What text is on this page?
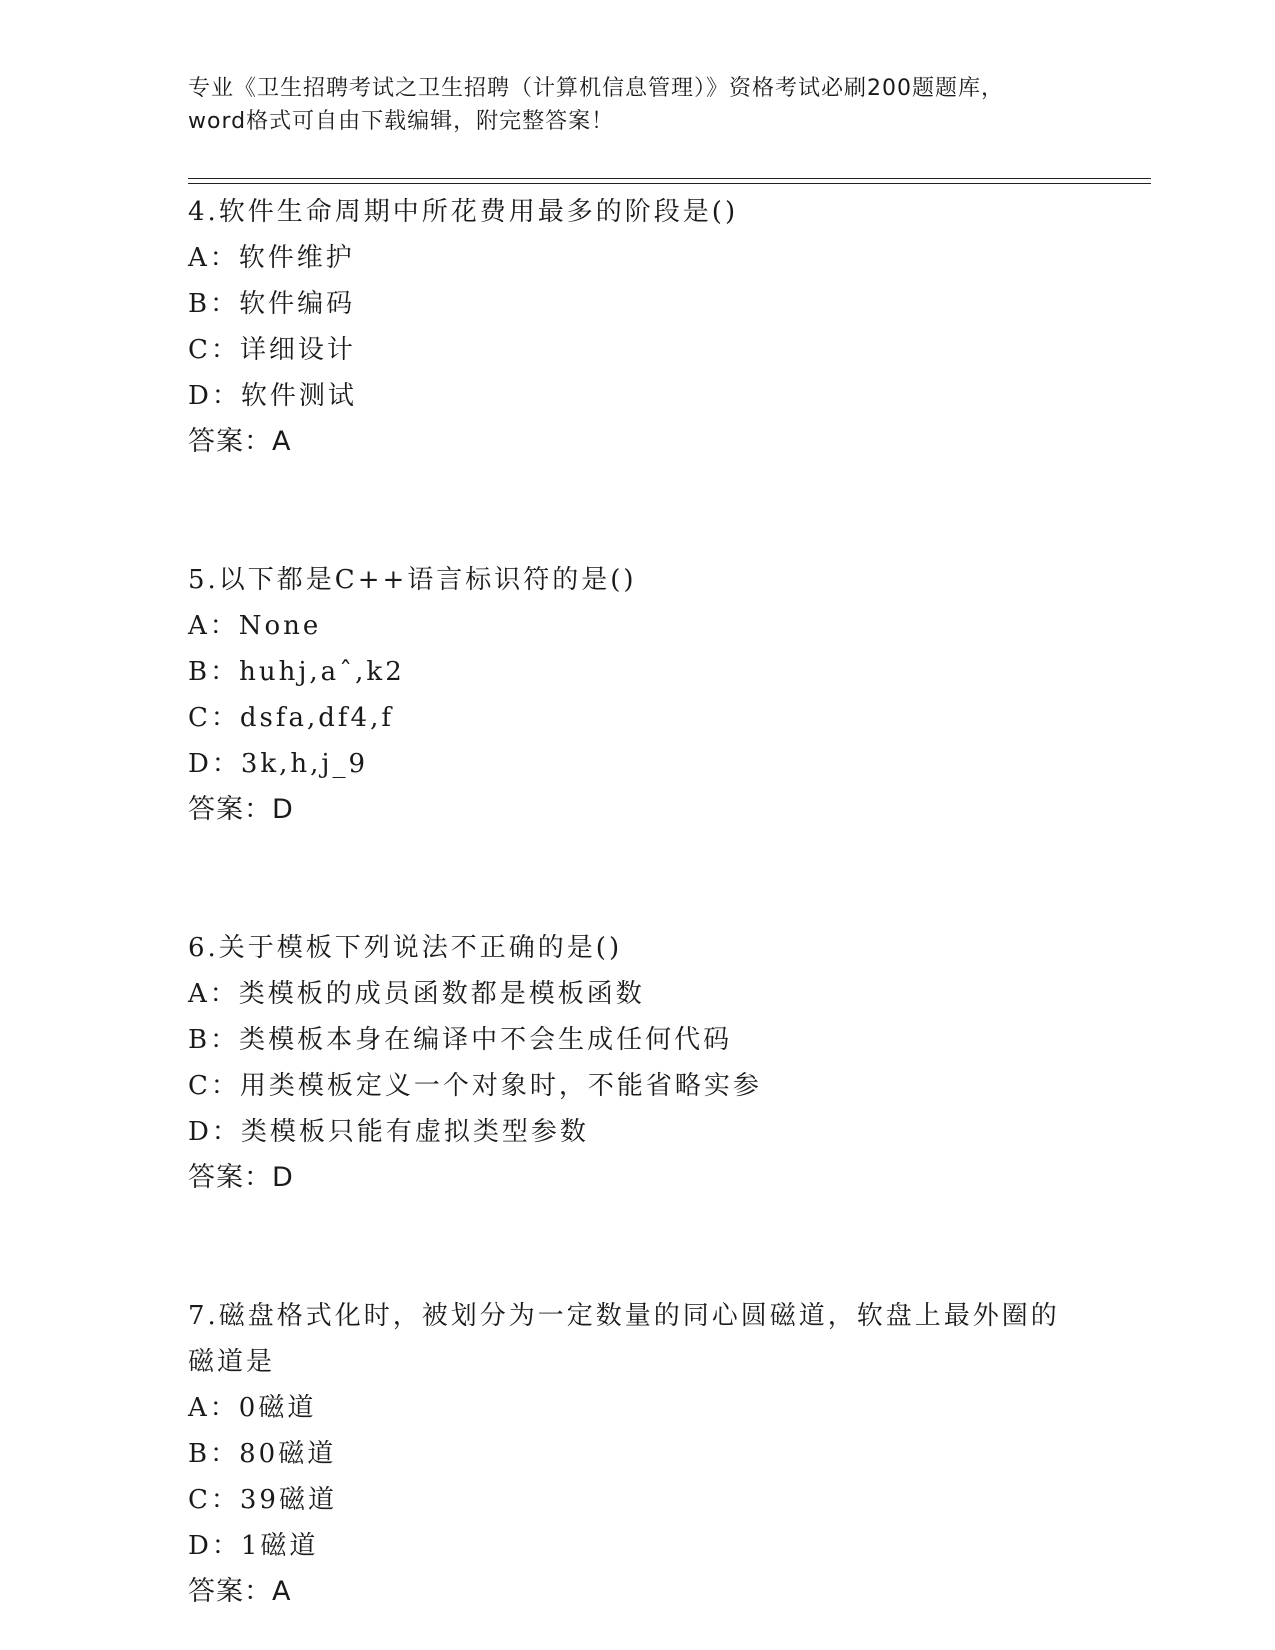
专业《卫生招聘考试之卫生招聘（计算机信息管理）》资格考试必刷200题题库，
word格式可自由下载编辑，附完整答案！
4.软件生命周期中所花费用最多的阶段是()
A：软件维护
B：软件编码
C：详细设计
D：软件测试
答案：A
5.以下都是C++语言标识符的是()
A：None
B：huhj,aˆ,k2
C：dsfa,df4,f
D：3k,h,j_9
答案：D
6.关于模板下列说法不正确的是()
A：类模板的成员函数都是模板函数
B：类模板本身在编译中不会生成任何代码
C：用类模板定义一个对象时，不能省略实参
D：类模板只能有虚拟类型参数
答案：D
7.磁盘格式化时，被划分为一定数量的同心圆磁道，软盘上最外圈的磁道是
A：0磁道
B：80磁道
C：39磁道
D：1磁道
答案：A
